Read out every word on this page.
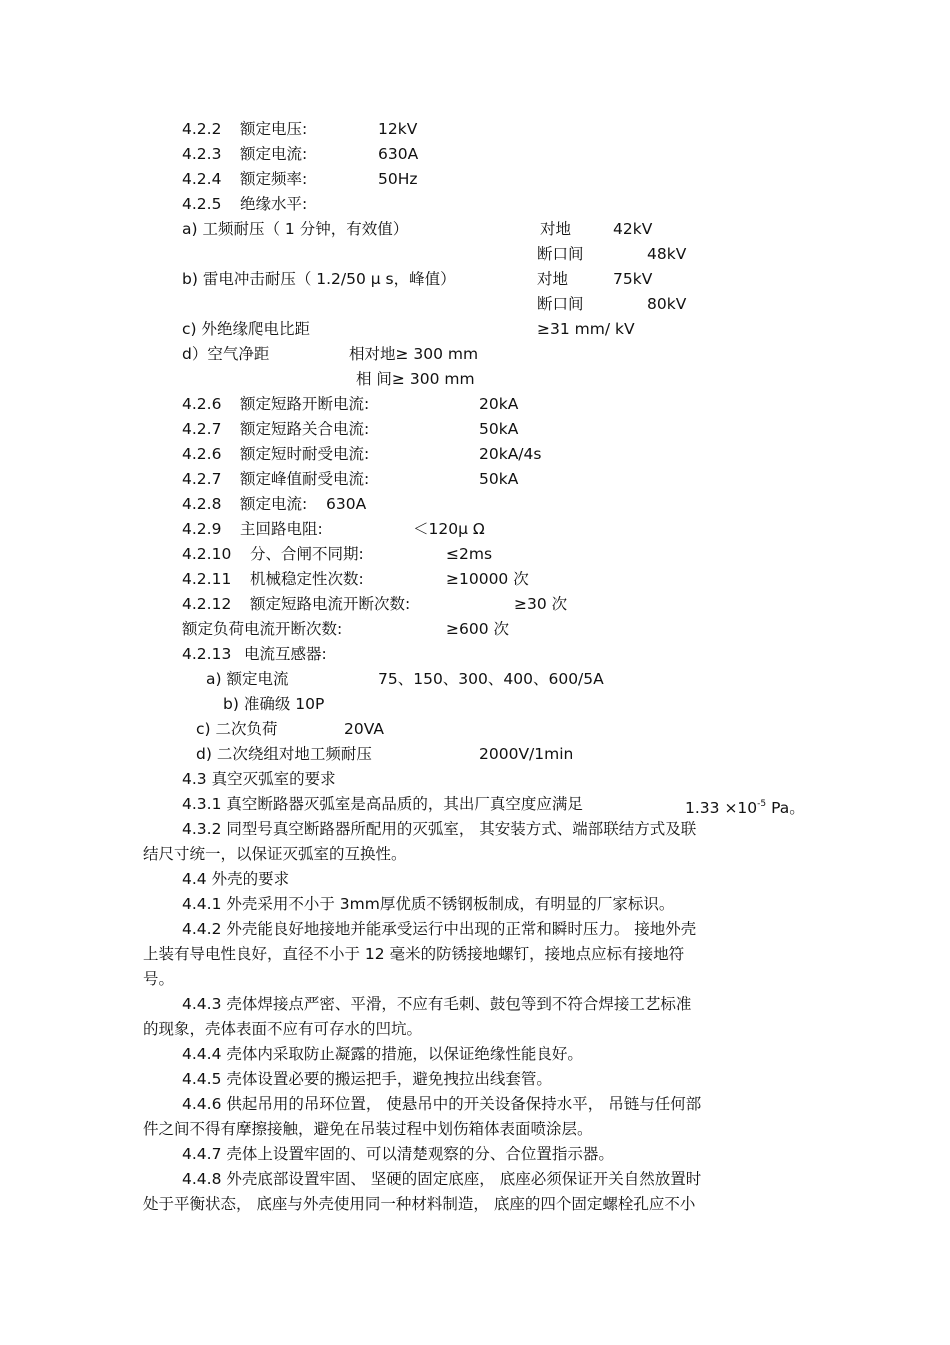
4.2.2 额定电压:	12kV
4.2.3 额定电流:	630A
4.2.4 额定频率:	50Hz
4.2.5 绝缘水平:
a) 工频耐压（ 1 分钟，有效值）	对地	42kV
断口间	48kV
b) 雷电冲击耐压（ 1.2/50 μ s，峰值）	对地	75kV
断口间	80kV
c) 外绝缘爬电比距	≥31 mm/ kV
d）空气净距	相对地≥ 300 mm
相 间≥ 300 mm
4.2.6 额定短路开断电流:	20kA
4.2.7 额定短路关合电流:	50kA
4.2.6 额定短时耐受电流:	20kA/4s
4.2.7 额定峰值耐受电流:	50kA
4.2.8 额定电流: 630A
4.2.9 主回路电阻:	＜120μ Ω
4.2.10 分、合闸不同期:	≤2ms
4.2.11 机械稳定性次数:	≥10000 次
4.2.12 额定短路电流开断次数:	≥30 次
额定负荷电流开断次数:	≥600 次
4.2.13 电流互感器:
a) 额定电流	75、150、300、400、600/5A
b) 准确级 10P
c) 二次负荷	20VA
d) 二次绕组对地工频耐压	2000V/1min
4.3 真空灭弧室的要求
4.3.1 真空断路器灭弧室是高品质的，其出厂真空度应满足	$1.33 \times 10^{-5}$ Pa。
4.3.2 同型号真空断路器所配用的灭弧室， 其安装方式、端部联结方式及联
结尺寸统一，以保证灭弧室的互换性。
4.4 外壳的要求
4.4.1 外壳采用不小于 3mm厚优质不锈钢板制成，有明显的厂家标识。
4.4.2 外壳能良好地接地并能承受运行中出现的正常和瞬时压力。 接地外壳
上装有导电性良好，直径不小于 12 毫米的防锈接地螺钉，接地点应标有接地符
号。
4.4.3 壳体焊接点严密、平滑，不应有毛刺、鼓包等到不符合焊接工艺标准
的现象，壳体表面不应有可存水的凹坑。
4.4.4 壳体内采取防止凝露的措施，以保证绝缘性能良好。
4.4.5 壳体设置必要的搬运把手，避免拽拉出线套管。
4.4.6 供起吊用的吊环位置， 使悬吊中的开关设备保持水平， 吊链与任何部
件之间不得有摩擦接触，避免在吊装过程中划伤箱体表面喷涂层。
4.4.7 壳体上设置牢固的、可以清楚观察的分、合位置指示器。
4.4.8 外壳底部设置牢固、 坚硬的固定底座， 底座必须保证开关自然放置时
处于平衡状态， 底座与外壳使用同一种材料制造， 底座的四个固定螺栓孔应不小
